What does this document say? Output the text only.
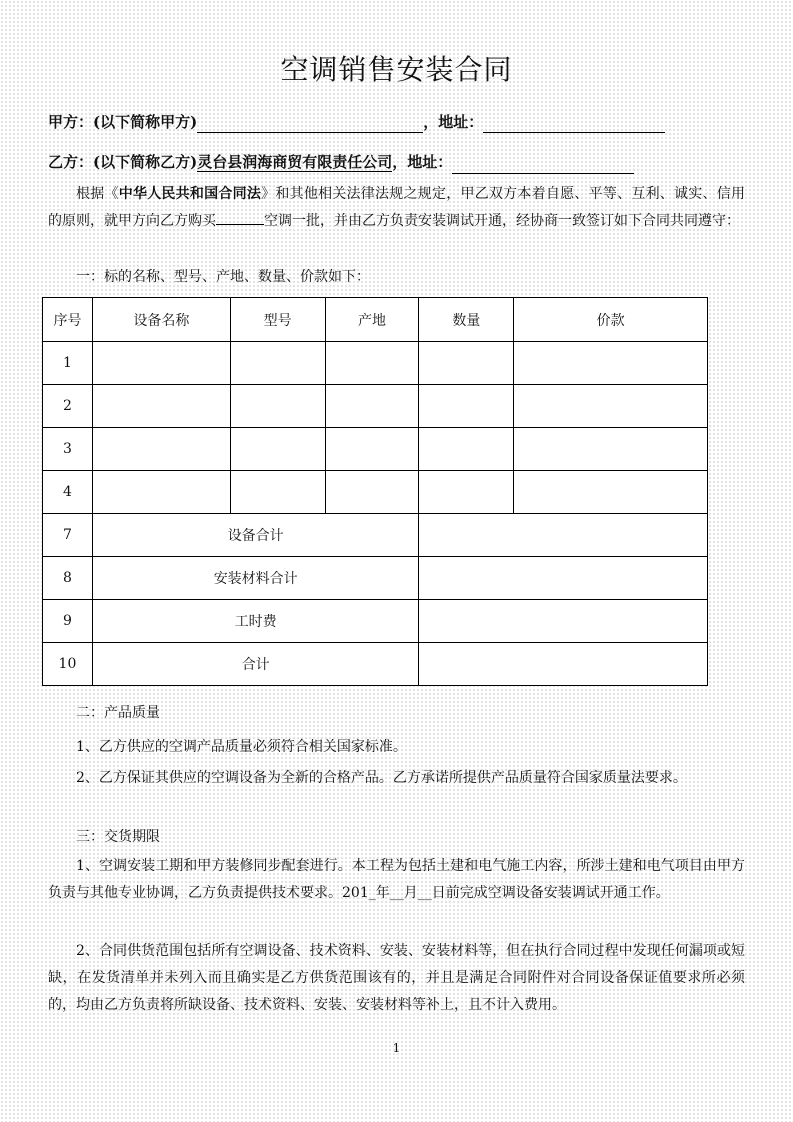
空调销售安装合同
甲方：(以下简称甲方)	，地址：
乙方：(以下简称乙方)灵台县润海商贸有限责任公司，地址：
根据《中华人民共和国合同法》和其他相关法律法规之规定，甲乙双方本着自愿、平等、互利、诚实、信用的原则，就甲方向乙方购买	空调一批，并由乙方负责安装调试开通，经协商一致签订如下合同共同遵守：
一：标的名称、型号、产地、数量、价款如下：
序号	设备名称	型号	产地	数量	价款
1					
2					
3					
4					
7	设备合计				
8	安装材料合计				
9	工时费				
10	合计				
二：产品质量
1、乙方供应的空调产品质量必须符合相关国家标准。
2、乙方保证其供应的空调设备为全新的合格产品。乙方承诺所提供产品质量符合国家质量法要求。
三：交货期限
1、空调安装工期和甲方装修同步配套进行。本工程为包括土建和电气施工内容，所涉土建和电气项目由甲方负责与其他专业协调，乙方负责提供技术要求。201_年__月__日前完成空调设备安装调试开通工作。
2、合同供货范围包括所有空调设备、技术资料、安装、安装材料等，但在执行合同过程中发现任何漏项或短缺，在发货清单并未列入而且确实是乙方供货范围该有的，并且是满足合同附件对合同设备保证值要求所必须的，均由乙方负责将所缺设备、技术资料、安装、安装材料等补上，且不计入费用。
1
